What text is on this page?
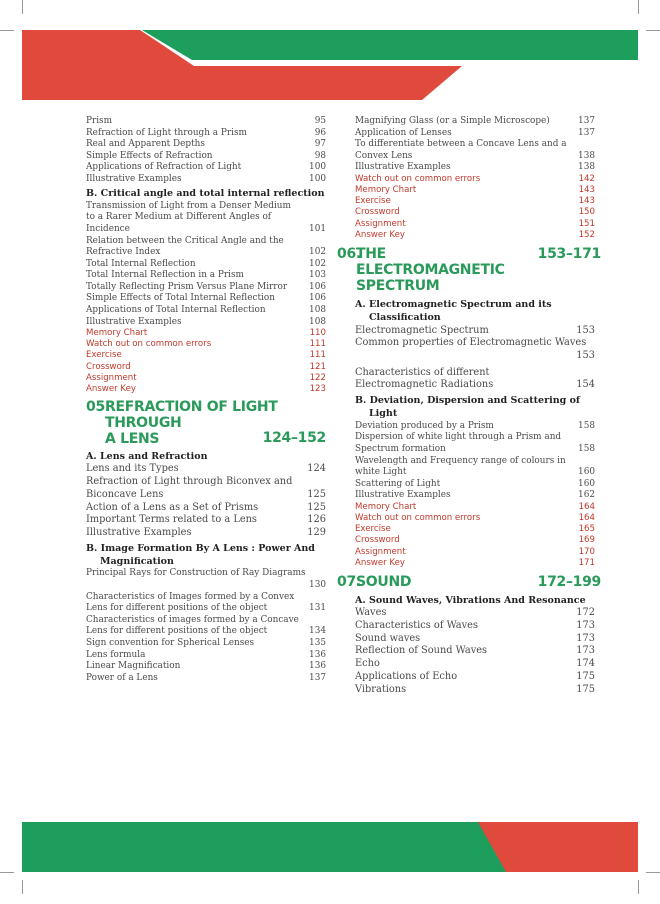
Prism	95
Refraction of Light through a Prism	96
Real and Apparent Depths	97
Simple Effects of Refraction	98
Applications of Refraction of Light	100
Illustrative Examples	100
B. Critical angle and total internal reflection
Transmission of Light from a Denser Medium to a Rarer Medium at Different Angles of Incidence	101
Relation between the Critical Angle and the Refractive Index	102
Total Internal Reflection	102
Total Internal Reflection in a Prism	103
Totally Reflecting Prism Versus Plane Mirror 106
Simple Effects of Total Internal Reflection	106
Applications of Total Internal Reflection	108
Illustrative Examples	108
Memory Chart	110
Watch out on common errors	111
Exercise	111
Crossword	121
Assignment	122
Answer Key	123
05.
REFRACTION OF LIGHT THROUGH
A LENS	124–152
A. Lens and Refraction
Lens and its Types	124
Refraction of Light through Biconvex and Biconcave Lens	125
Action of a Lens as a Set of Prisms	125
Important Terms related to a Lens	126
Illustrative Examples	129
B. Image Formation By A Lens : Power And Magnification
Principal Rays for Construction of Ray Diagrams
130
Characteristics of Images formed by a Convex Lens for different positions of the object	131
Characteristics of images formed by a Concave Lens for different positions of the object	134
Sign convention for Spherical Lenses	135
Lens formula	136
Linear Magnification	136
Power of a Lens	137
Magnifying Glass (or a Simple Microscope)	137
Application of Lenses	137
To differentiate between a Concave Lens and a Convex Lens	138
Illustrative Examples	138
Watch out on common errors	142
Memory Chart	143
Exercise	143
Crossword	150
Assignment	151
Answer Key	152
06.
THE ELECTROMAGNETIC SPECTRUM
153–171
A. Electromagnetic Spectrum and its Classification
Electromagnetic Spectrum	153
Common properties of Electromagnetic Waves
153
Characteristics of different Electromagnetic Radiations	154
B. Deviation, Dispersion and Scattering of Light
Deviation produced by a Prism	158
Dispersion of white light through a Prism and Spectrum formation	158
Wavelength and Frequency range of colours in white Light	160
Scattering of Light	160
Illustrative Examples	162
Memory Chart	164
Watch out on common errors	164
Exercise	165
Crossword	169
Assignment	170
Answer Key	171
07.
SOUND	172–199
A. Sound Waves, Vibrations And Resonance
Waves	172
Characteristics of Waves	173
Sound waves	173
Reflection of Sound Waves	173
Echo	174
Applications of Echo	175
Vibrations	175
